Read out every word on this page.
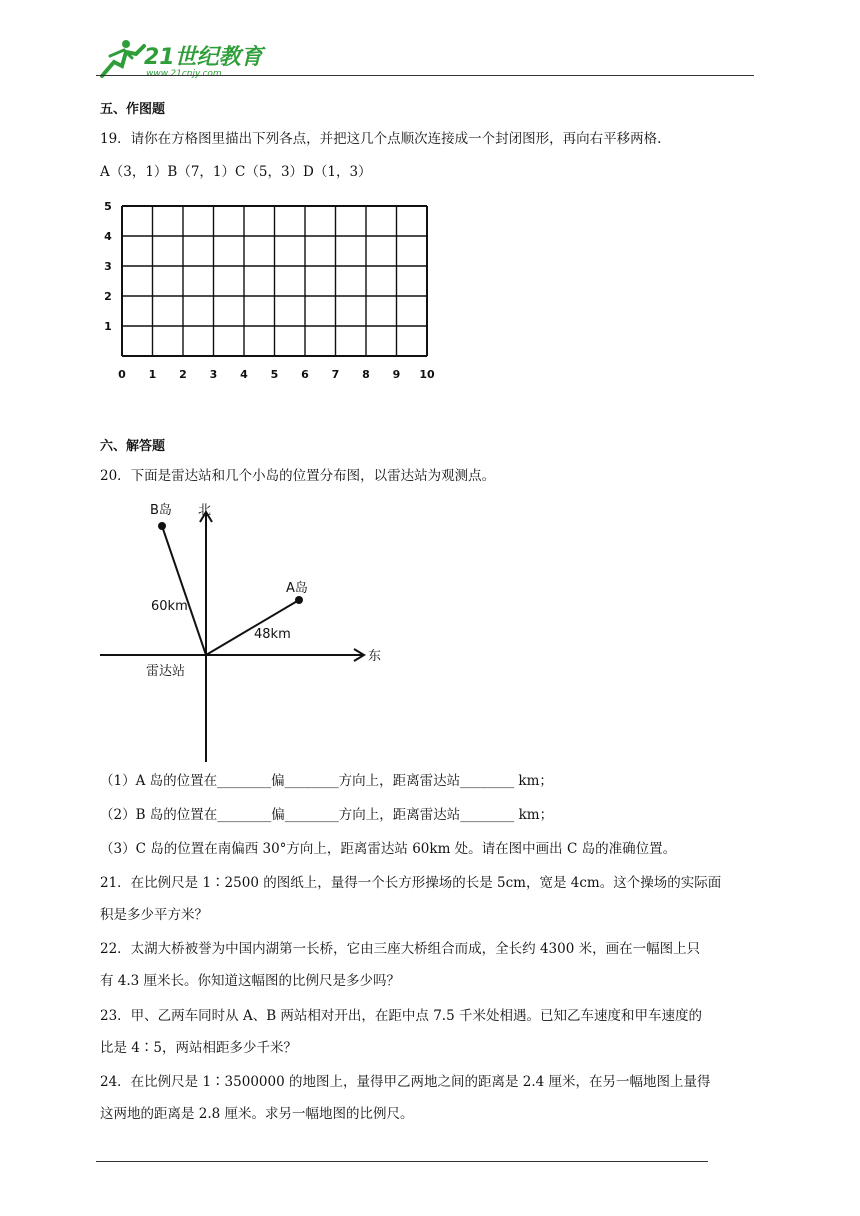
21世纪教育
www.21cnjy.com
五、作图题
19．请你在方格图里描出下列各点，并把这几个点顺次连接成一个封闭图形，再向右平移两格.
A（3，1）B（7，1）C（5，3）D（1，3）
0 1 2 3 4 5 6 7 8 9 10
1
2
3
4
5
六、解答题
20．下面是雷达站和几个小岛的位置分布图，以雷达站为观测点。
北
东
B岛
A岛
60km
48km
雷达站
（1）A 岛的位置在________偏________方向上，距离雷达站________ km；
（2）B 岛的位置在________偏________方向上，距离雷达站________ km；
（3）C 岛的位置在南偏西 30°方向上，距离雷达站 60km 处。请在图中画出 C 岛的准确位置。
21．在比例尺是 1∶2500 的图纸上，量得一个长方形操场的长是 5cm，宽是 4cm。这个操场的实际面
积是多少平方米？
22．太湖大桥被誉为中国内湖第一长桥，它由三座大桥组合而成，全长约 4300 米，画在一幅图上只
有 4.3 厘米长。你知道这幅图的比例尺是多少吗？
23．甲、乙两车同时从 A、B 两站相对开出，在距中点 7.5 千米处相遇。已知乙车速度和甲车速度的
比是 4∶5，两站相距多少千米？
24．在比例尺是 1∶3500000 的地图上，量得甲乙两地之间的距离是 2.4 厘米，在另一幅地图上量得
这两地的距离是 2.8 厘米。求另一幅地图的比例尺。
